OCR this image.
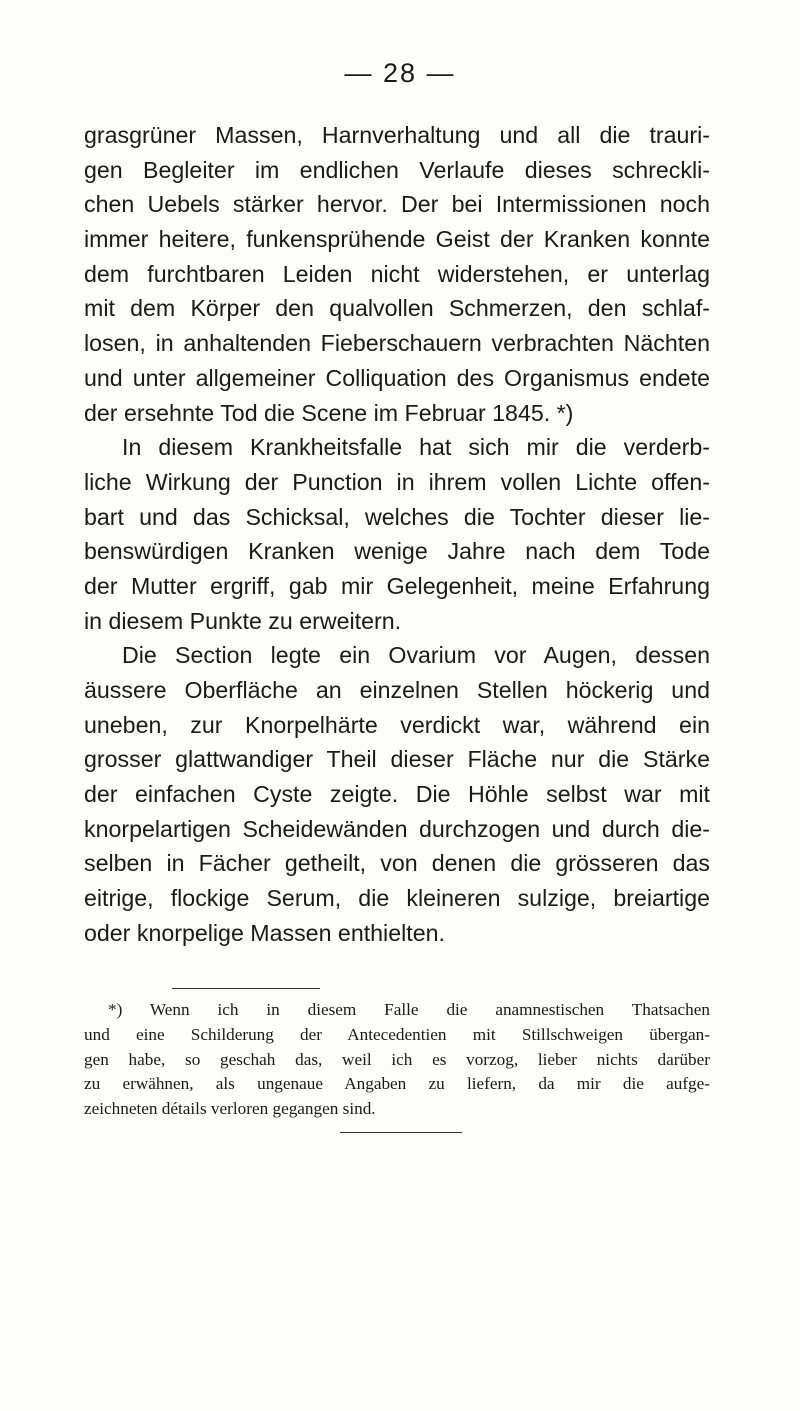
— 28 —
grasgrüner Massen, Harnverhaltung und all die trauri-
gen Begleiter im endlichen Verlaufe dieses schreckli-
chen Uebels stärker hervor. Der bei Intermissionen noch
immer heitere, funkensprühende Geist der Kranken konnte
dem furchtbaren Leiden nicht widerstehen, er unterlag
mit dem Körper den qualvollen Schmerzen, den schlaf-
losen, in anhaltenden Fieberschauern verbrachten Nächten
und unter allgemeiner Colliquation des Organismus endete
der ersehnte Tod die Scene im Februar 1845. *)
In diesem Krankheitsfalle hat sich mir die verderb-
liche Wirkung der Punction in ihrem vollen Lichte offen-
bart und das Schicksal, welches die Tochter dieser lie-
benswürdigen Kranken wenige Jahre nach dem Tode
der Mutter ergriff, gab mir Gelegenheit, meine Erfahrung
in diesem Punkte zu erweitern.
Die Section legte ein Ovarium vor Augen, dessen
äussere Oberfläche an einzelnen Stellen höckerig und
uneben, zur Knorpelhärte verdickt war, während ein
grosser glattwandiger Theil dieser Fläche nur die Stärke
der einfachen Cyste zeigte. Die Höhle selbst war mit
knorpelartigen Scheidewänden durchzogen und durch die-
selben in Fächer getheilt, von denen die grösseren das
eitrige, flockige Serum, die kleineren sulzige, breiartige
oder knorpelige Massen enthielten.
*) Wenn ich in diesem Falle die anamnestischen Thatsachen
und eine Schilderung der Antecedentien mit Stillschweigen übergan-
gen habe, so geschah das, weil ich es vorzog, lieber nichts darüber
zu erwähnen, als ungenaue Angaben zu liefern, da mir die aufge-
zeichneten détails verloren gegangen sind.
